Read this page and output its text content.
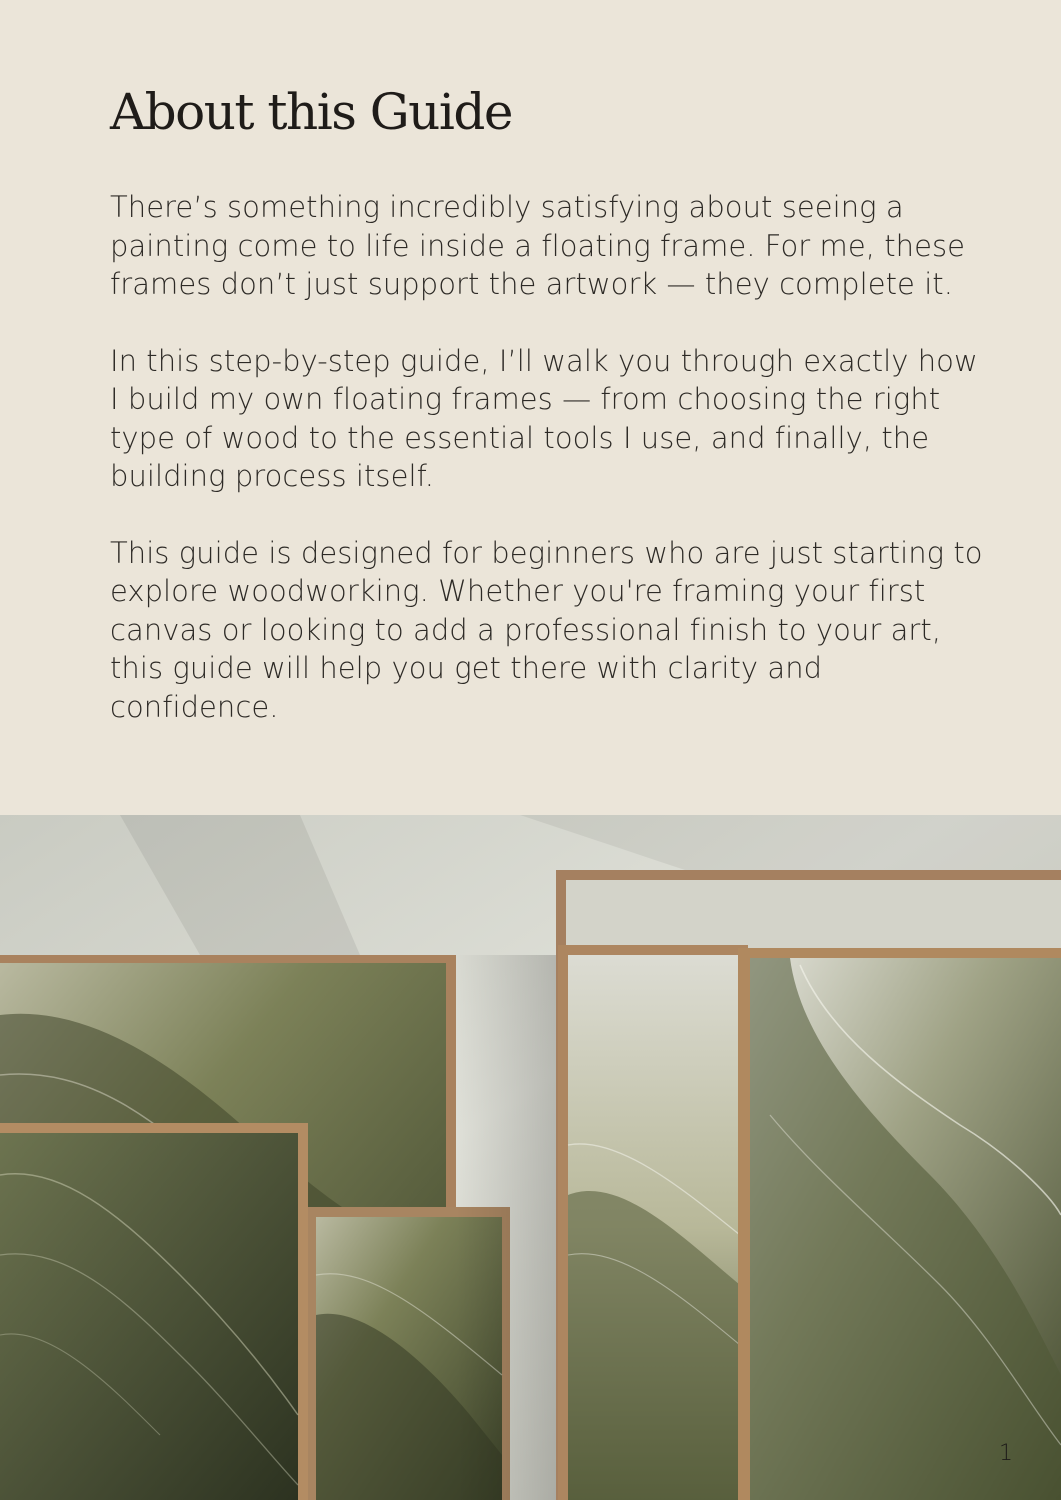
About this Guide

There’s something incredibly satisfying about seeing a painting come to life inside a floating frame. For me, these frames don’t just support the artwork — they complete it.

In this step-by-step guide, I’ll walk you through exactly how I build my own floating frames — from choosing the right type of wood to the essential tools I use, and finally, the building process itself.

This guide is designed for beginners who are just starting to explore woodworking. Whether you're framing your first canvas or looking to add a professional finish to your art, this guide will help you get there with clarity and confidence.

1
